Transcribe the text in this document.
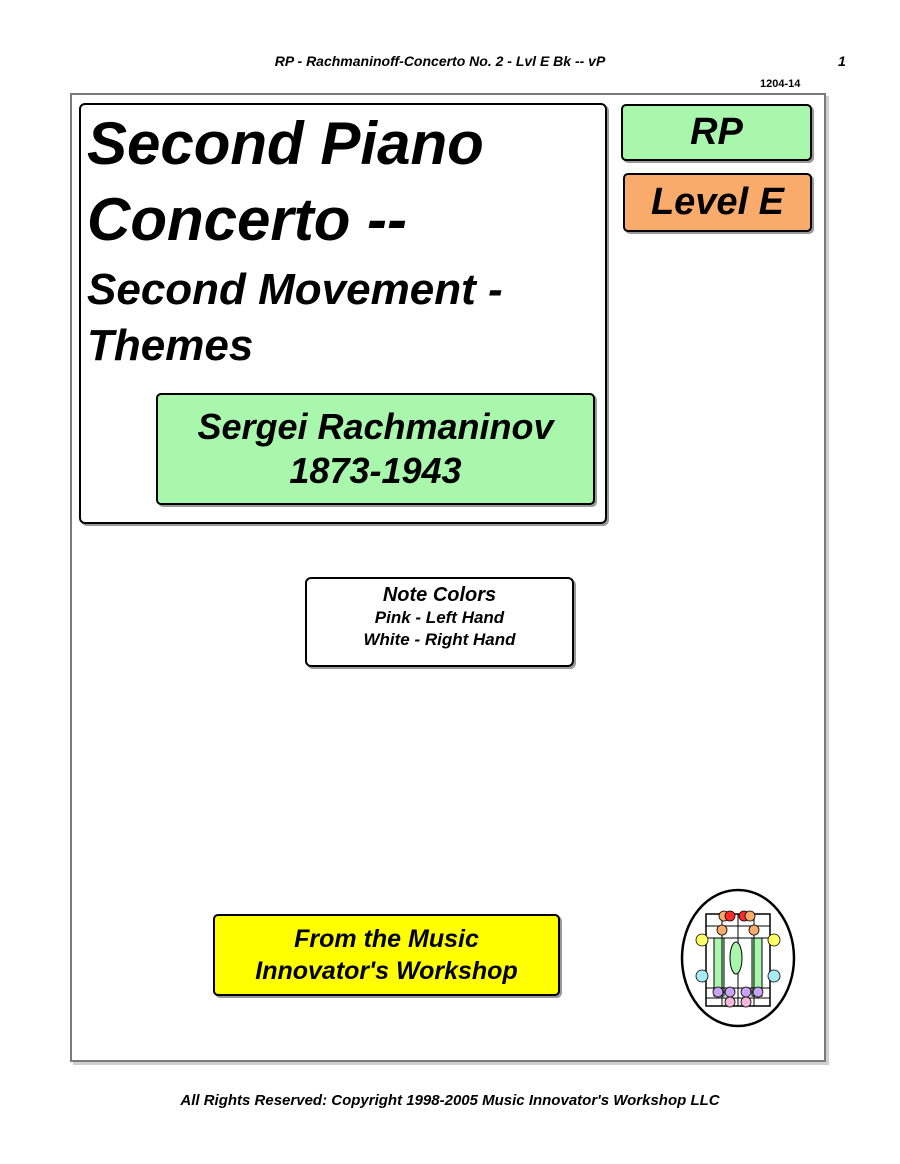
RP - Rachmaninoff-Concerto No. 2 - Lvl E Bk -- vP	1
1204-14
Second Piano
Concerto --
Second Movement -
Themes
Sergei Rachmaninov
1873-1943
RP
Level E
Note Colors
Pink - Left Hand
White - Right Hand
From the Music
Innovator's Workshop
All Rights Reserved: Copyright 1998-2005 Music Innovator's Workshop LLC
